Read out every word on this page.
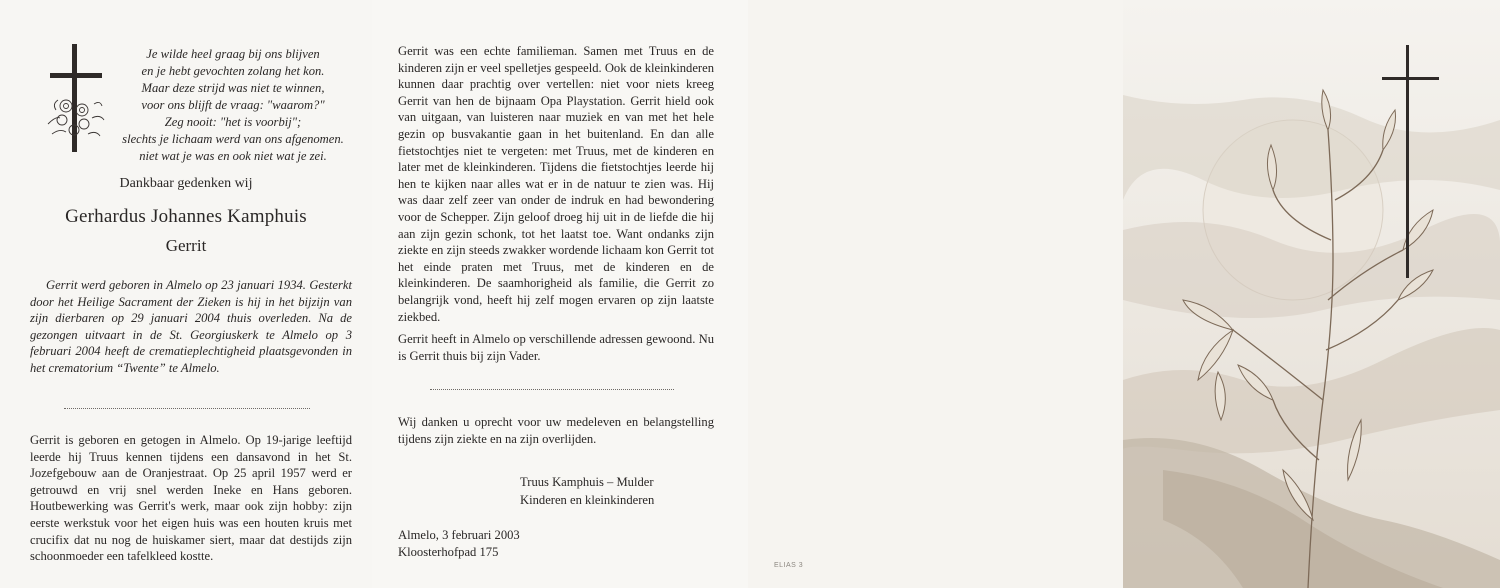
Je wilde heel graag bij ons blijven
en je hebt gevochten zolang het kon.
Maar deze strijd was niet te winnen,
voor ons blijft de vraag: "waarom?"
Zeg nooit: "het is voorbij";
slechts je lichaam werd van ons afgenomen.
niet wat je was en ook niet wat je zei.
Dankbaar gedenken wij
Gerhardus Johannes Kamphuis
Gerrit
Gerrit werd geboren in Almelo op 23 januari 1934. Gesterkt door het Heilige Sacrament der Zieken is hij in het bijzijn van zijn dierbaren op 29 januari 2004 thuis overleden. Na de gezongen uitvaart in de St. Georgiuskerk te Almelo op 3 februari 2004 heeft de crematieplechtigheid plaatsgevonden in het crematorium “Twente” te Almelo.
Gerrit is geboren en getogen in Almelo. Op 19-jarige leeftijd leerde hij Truus kennen tijdens een dansavond in het St. Jozefgebouw aan de Oranjestraat. Op 25 april 1957 werd er getrouwd en vrij snel werden Ineke en Hans geboren. Houtbewerking was Gerrit's werk, maar ook zijn hobby: zijn eerste werkstuk voor het eigen huis was een houten kruis met crucifix dat nu nog de huiskamer siert, maar dat destijds zijn schoonmoeder een tafelkleed kostte.
Gerrit was een echte familieman. Samen met Truus en de kinderen zijn er veel spelletjes gespeeld. Ook de kleinkinderen kunnen daar prachtig over vertellen: niet voor niets kreeg Gerrit van hen de bijnaam Opa Playstation. Gerrit hield ook van uitgaan, van luisteren naar muziek en van met het hele gezin op busvakantie gaan in het buitenland. En dan alle fietstochtjes niet te vergeten: met Truus, met de kinderen en later met de kleinkinderen. Tijdens die fietstochtjes leerde hij hen te kijken naar alles wat er in de natuur te zien was. Hij was daar zelf zeer van onder de indruk en had bewondering voor de Schepper. Zijn geloof droeg hij uit in de liefde die hij aan zijn gezin schonk, tot het laatst toe. Want ondanks zijn ziekte en zijn steeds zwakker wordende lichaam kon Gerrit tot het einde praten met Truus, met de kinderen en de kleinkinderen. De saamhorigheid als familie, die Gerrit zo belangrijk vond, heeft hij zelf mogen ervaren op zijn laatste ziekbed.
Gerrit heeft in Almelo op verschillende adressen gewoond. Nu is Gerrit thuis bij zijn Vader.
Wij danken u oprecht voor uw medeleven en belangstelling tijdens zijn ziekte en na zijn overlijden.
Truus Kamphuis – Mulder
Kinderen en kleinkinderen
Almelo, 3 februari 2003
Kloosterhofpad 175
ELIAS 3
